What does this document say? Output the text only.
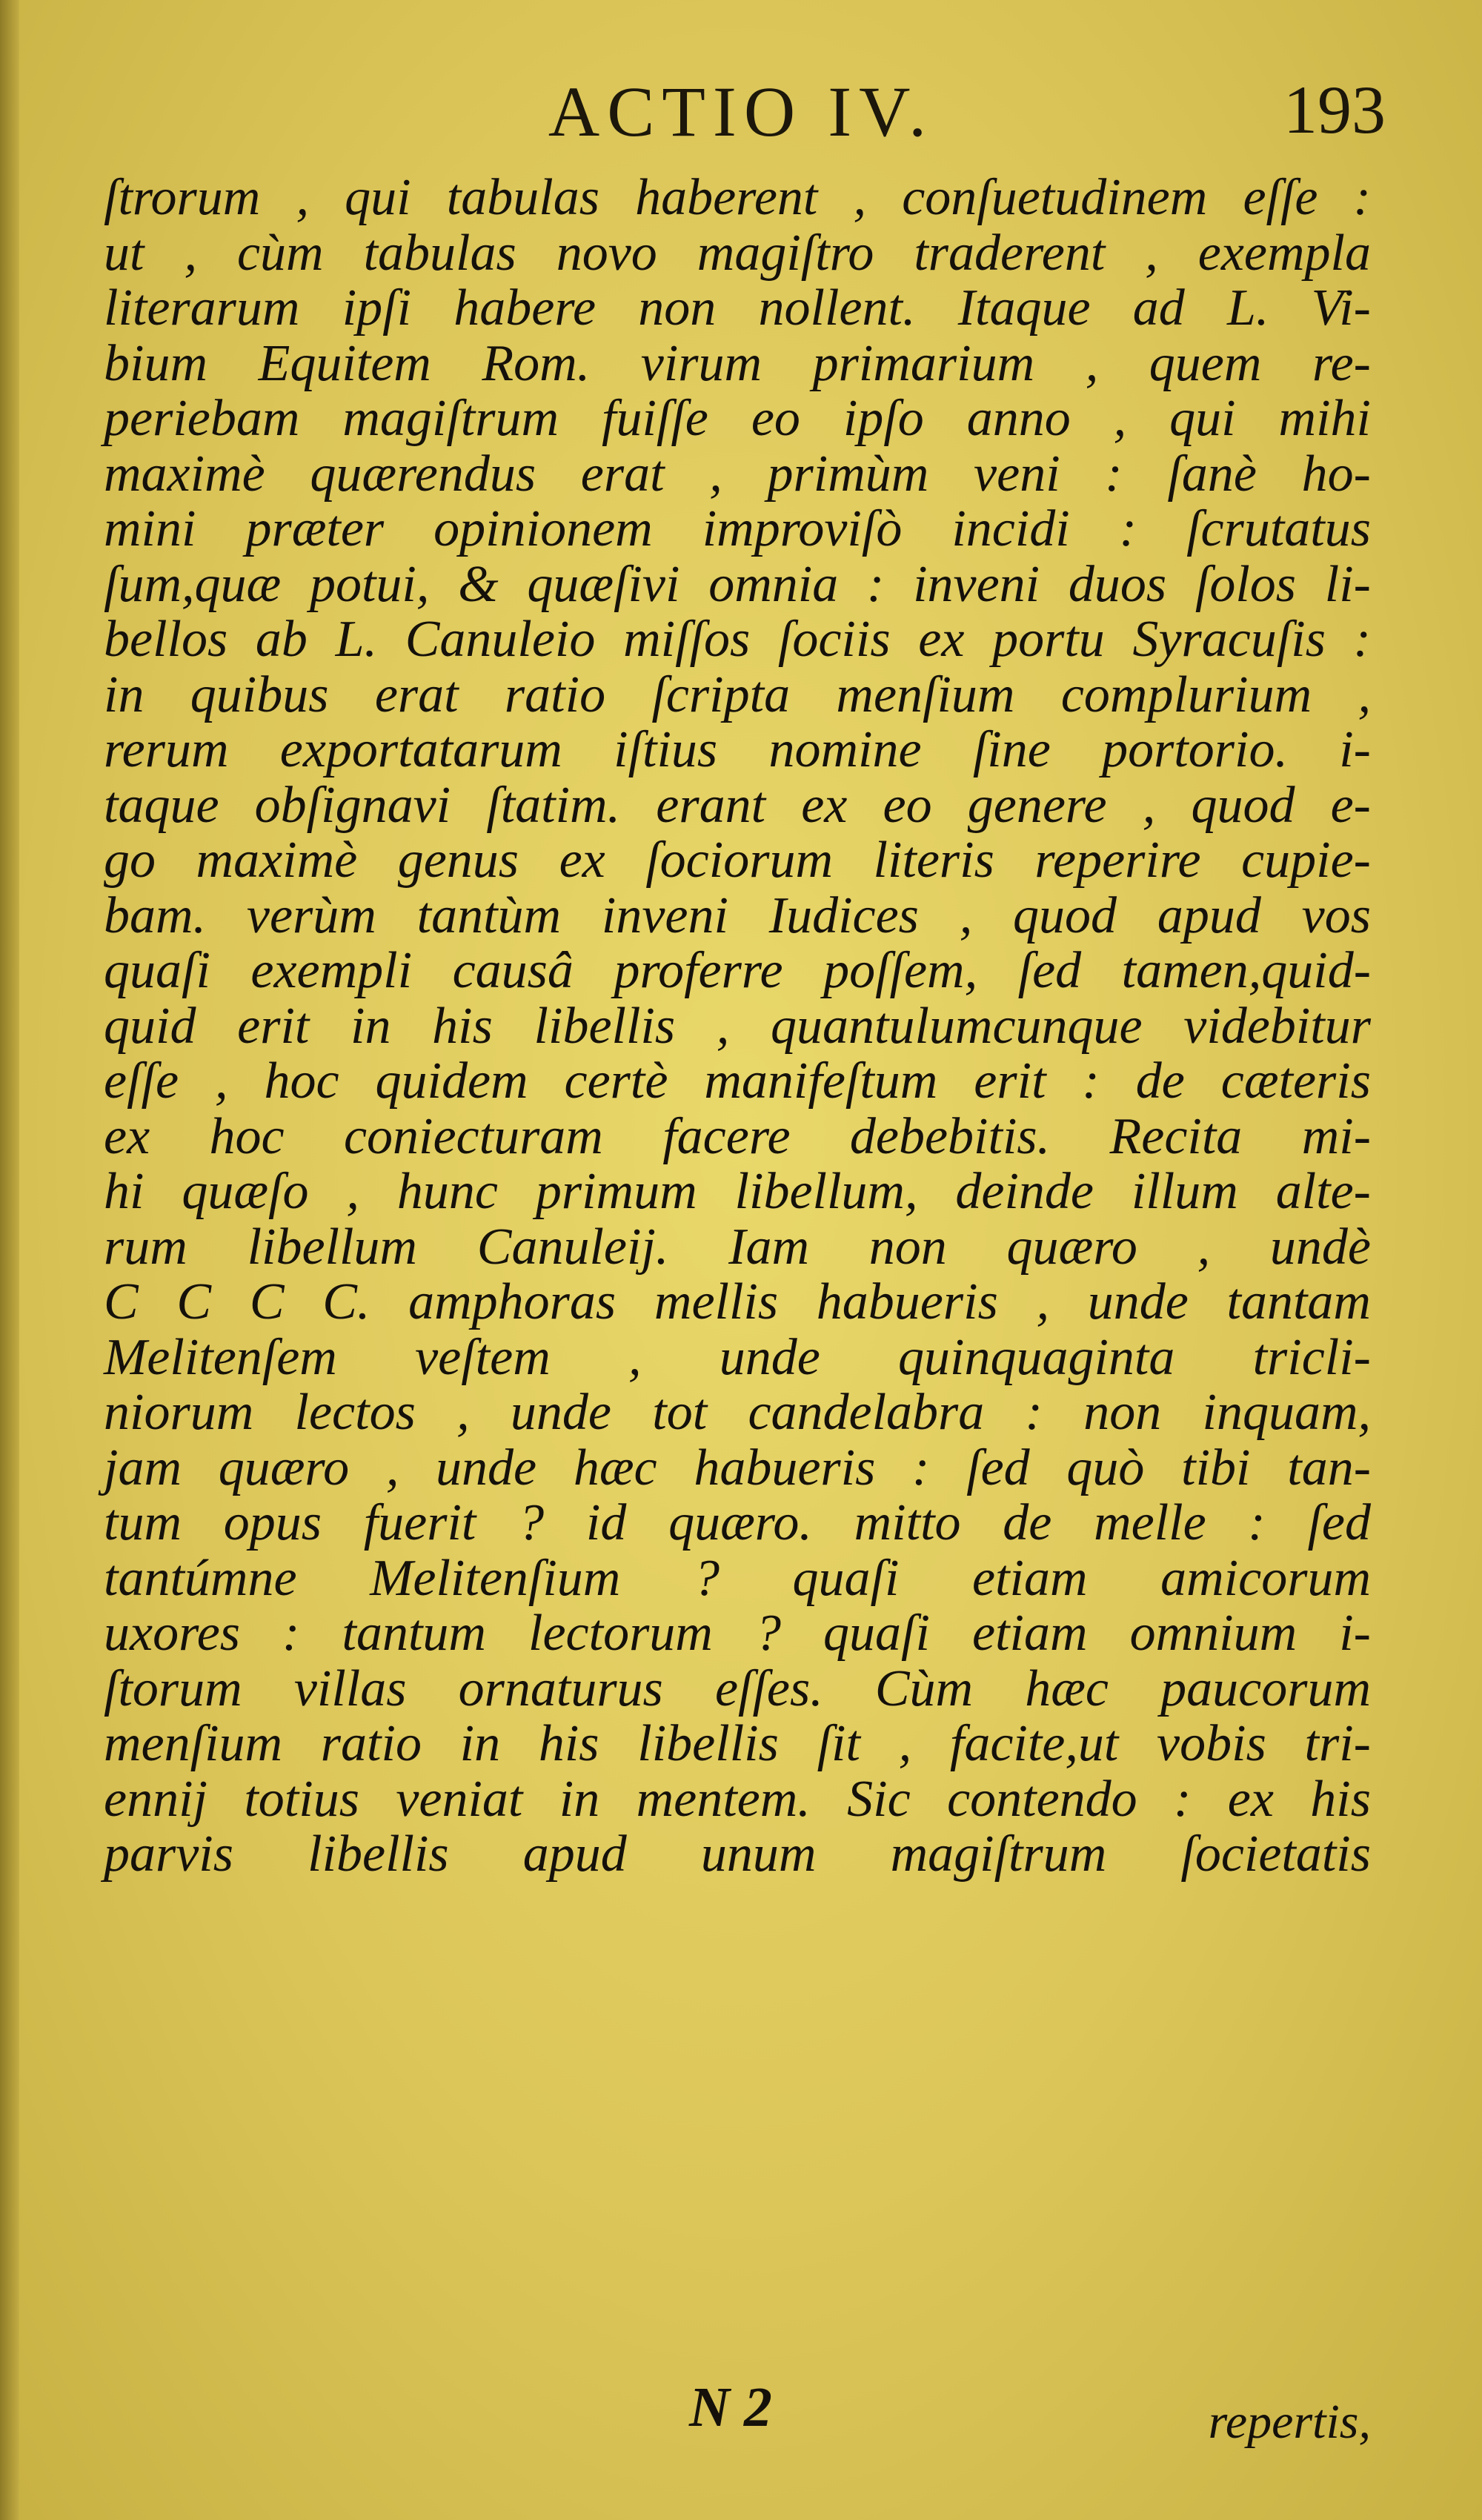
ACTIO IV.	193
ſtrorum , qui tabulas haberent , conſuetudinem eſſe :
ut , cùm tabulas novo magiſtro traderent , exempla
literarum ipſi habere non nollent. Itaque ad L. Vi-
bium Equitem Rom. virum primarium , quem re-
periebam magiſtrum fuiſſe eo ipſo anno , qui mihi
maximè quærendus erat , primùm veni : ſanè ho-
mini præter opinionem improviſò incidi : ſcrutatus
ſum,quæ potui, & quæſivi omnia : inveni duos ſolos li-
bellos ab L. Canuleio miſſos ſociis ex portu Syracuſis :
in quibus erat ratio ſcripta menſium complurium ,
rerum exportatarum iſtius nomine ſine portorio. i-
taque obſignavi ſtatim. erant ex eo genere , quod e-
go maximè genus ex ſociorum literis reperire cupie-
bam. verùm tantùm inveni Iudices , quod apud vos
quaſi exempli causâ proferre poſſem, ſed tamen,quid-
quid erit in his libellis , quantulumcunque videbitur
eſſe , hoc quidem certè manifeſtum erit : de cæteris
ex hoc coniecturam facere debebitis. Recita mi-
hi quæſo , hunc primum libellum, deinde illum alte-
rum libellum Canuleij. Iam non quæro , undè
C C C C. amphoras mellis habueris , unde tantam
Melitenſem veſtem , unde quinquaginta tricli-
niorum lectos , unde tot candelabra : non inquam,
jam quæro , unde hæc habueris : ſed quò tibi tan-
tum opus fuerit ? id quæro. mitto de melle : ſed
tantúmne Melitenſium ? quaſi etiam amicorum
uxores : tantum lectorum ? quaſi etiam omnium i-
ſtorum villas ornaturus eſſes. Cùm hæc paucorum
menſium ratio in his libellis ſit , facite,ut vobis tri-
ennij totius veniat in mentem. Sic contendo : ex his
parvis libellis apud unum magiſtrum ſocietatis
N 2	repertis,
